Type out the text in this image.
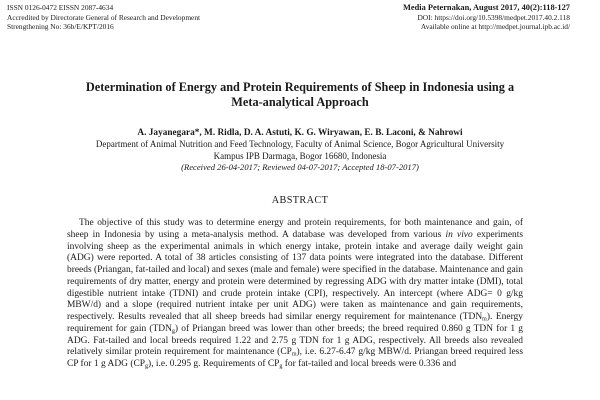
ISSN 0126-0472 EISSN 2087-4634
Accredited by Directorate General of Research and Development
Strengthening No: 36b/E/KPT/2016
Media Peternakan, August 2017, 40(2):118-127
DOI: https://doi.org/10.5398/medpet.2017.40.2.118
Available online at http://medpet.journal.ipb.ac.id/
Determination of Energy and Protein Requirements of Sheep in Indonesia using a
Meta-analytical Approach
A. Jayanegara*, M. Ridla, D. A. Astuti, K. G. Wiryawan, E. B. Laconi, & Nahrowi
Department of Animal Nutrition and Feed Technology, Faculty of Animal Science, Bogor Agricultural University
Kampus IPB Darmaga, Bogor 16680, Indonesia
(Received 26-04-2017; Reviewed 04-07-2017; Accepted 18-07-2017)
ABSTRACT

The objective of this study was to determine energy and protein requirements, for both maintenance and gain, of sheep in Indonesia by using a meta-analysis method. A database was developed from various in vivo experiments involving sheep as the experimental animals in which energy intake, protein intake and average daily weight gain (ADG) were reported. A total of 38 articles consisting of 137 data points were integrated into the database. Different breeds (Priangan, fat-tailed and local) and sexes (male and female) were specified in the database. Maintenance and gain requirements of dry matter, energy and protein were determined by regressing ADG with dry matter intake (DMI), total digestible nutrient intake (TDNI) and crude protein intake (CPI), respectively. An intercept (where ADG= 0 g/kg MBW/d) and a slope (required nutrient intake per unit ADG) were taken as maintenance and gain requirements, respectively. Results revealed that all sheep breeds had similar energy requirement for maintenance $(TDN_m)$. Energy requirement for gain $(TDN_g)$ of Priangan breed was lower than other breeds; the breed required 0.860 g TDN for 1 g ADG. Fat-tailed and local breeds required 1.22 and 2.75 g TDN for 1 g ADG, respectively. All breeds also revealed relatively similar protein requirement for maintenance $(CP_m)$, i.e. 6.27-6.47 g/kg MBW/d. Priangan breed required less CP for 1 g ADG $(CP_g)$, i.e. 0.295 g. Requirements of $CP_g$ for fat-tailed and local breeds were 0.336 and
